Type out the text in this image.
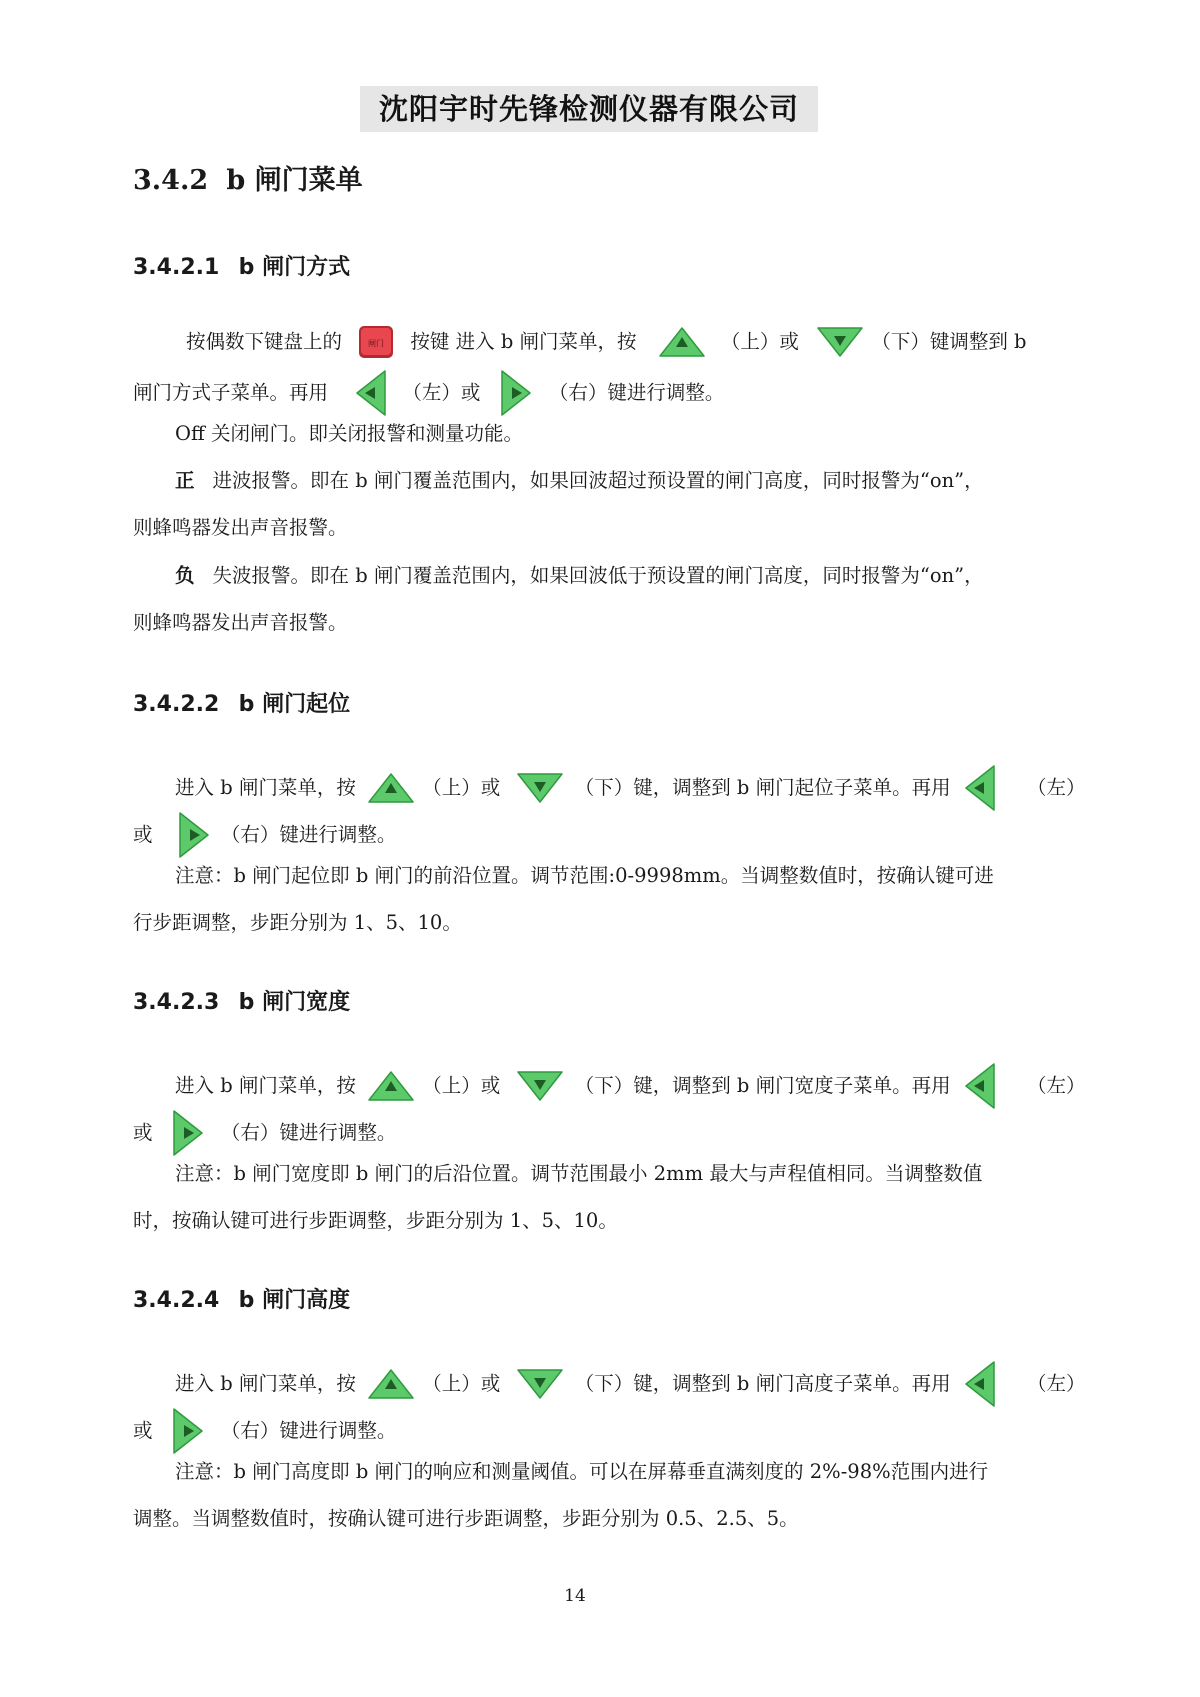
沈阳宇时先锋检测仪器有限公司
3.4.2 b 闸门菜单
3.4.2.1 b 闸门方式
按偶数下键盘上的	闸门 按键 进入 b 闸门菜单，按	（上）或	（下）键调整到 b
闸门方式子菜单。再用	（左）或	（右）键进行调整。
Off 关闭闸门。即关闭报警和测量功能。
正 进波报警。即在 b 闸门覆盖范围内，如果回波超过预设置的闸门高度，同时报警为“on”，
则蜂鸣器发出声音报警。
负 失波报警。即在 b 闸门覆盖范围内，如果回波低于预设置的闸门高度，同时报警为“on”，
则蜂鸣器发出声音报警。
3.4.2.2 b 闸门起位
进入 b 闸门菜单，按	（上）或	（下）键，调整到 b 闸门起位子菜单。再用	（左）
或	（右）键进行调整。
注意：b 闸门起位即 b 闸门的前沿位置。调节范围:0-9998mm。当调整数值时，按确认键可进
行步距调整，步距分别为 1、5、10。
3.4.2.3 b 闸门宽度
进入 b 闸门菜单，按	（上）或	（下）键，调整到 b 闸门宽度子菜单。再用	（左）
或	（右）键进行调整。
注意：b 闸门宽度即 b 闸门的后沿位置。调节范围最小 2mm 最大与声程值相同。当调整数值
时，按确认键可进行步距调整，步距分别为 1、5、10。
3.4.2.4 b 闸门高度
进入 b 闸门菜单，按	（上）或	（下）键，调整到 b 闸门高度子菜单。再用	（左）
或	（右）键进行调整。
注意：b 闸门高度即 b 闸门的响应和测量阈值。可以在屏幕垂直满刻度的 2%-98%范围内进行
调整。当调整数值时，按确认键可进行步距调整，步距分别为 0.5、2.5、5。
14
